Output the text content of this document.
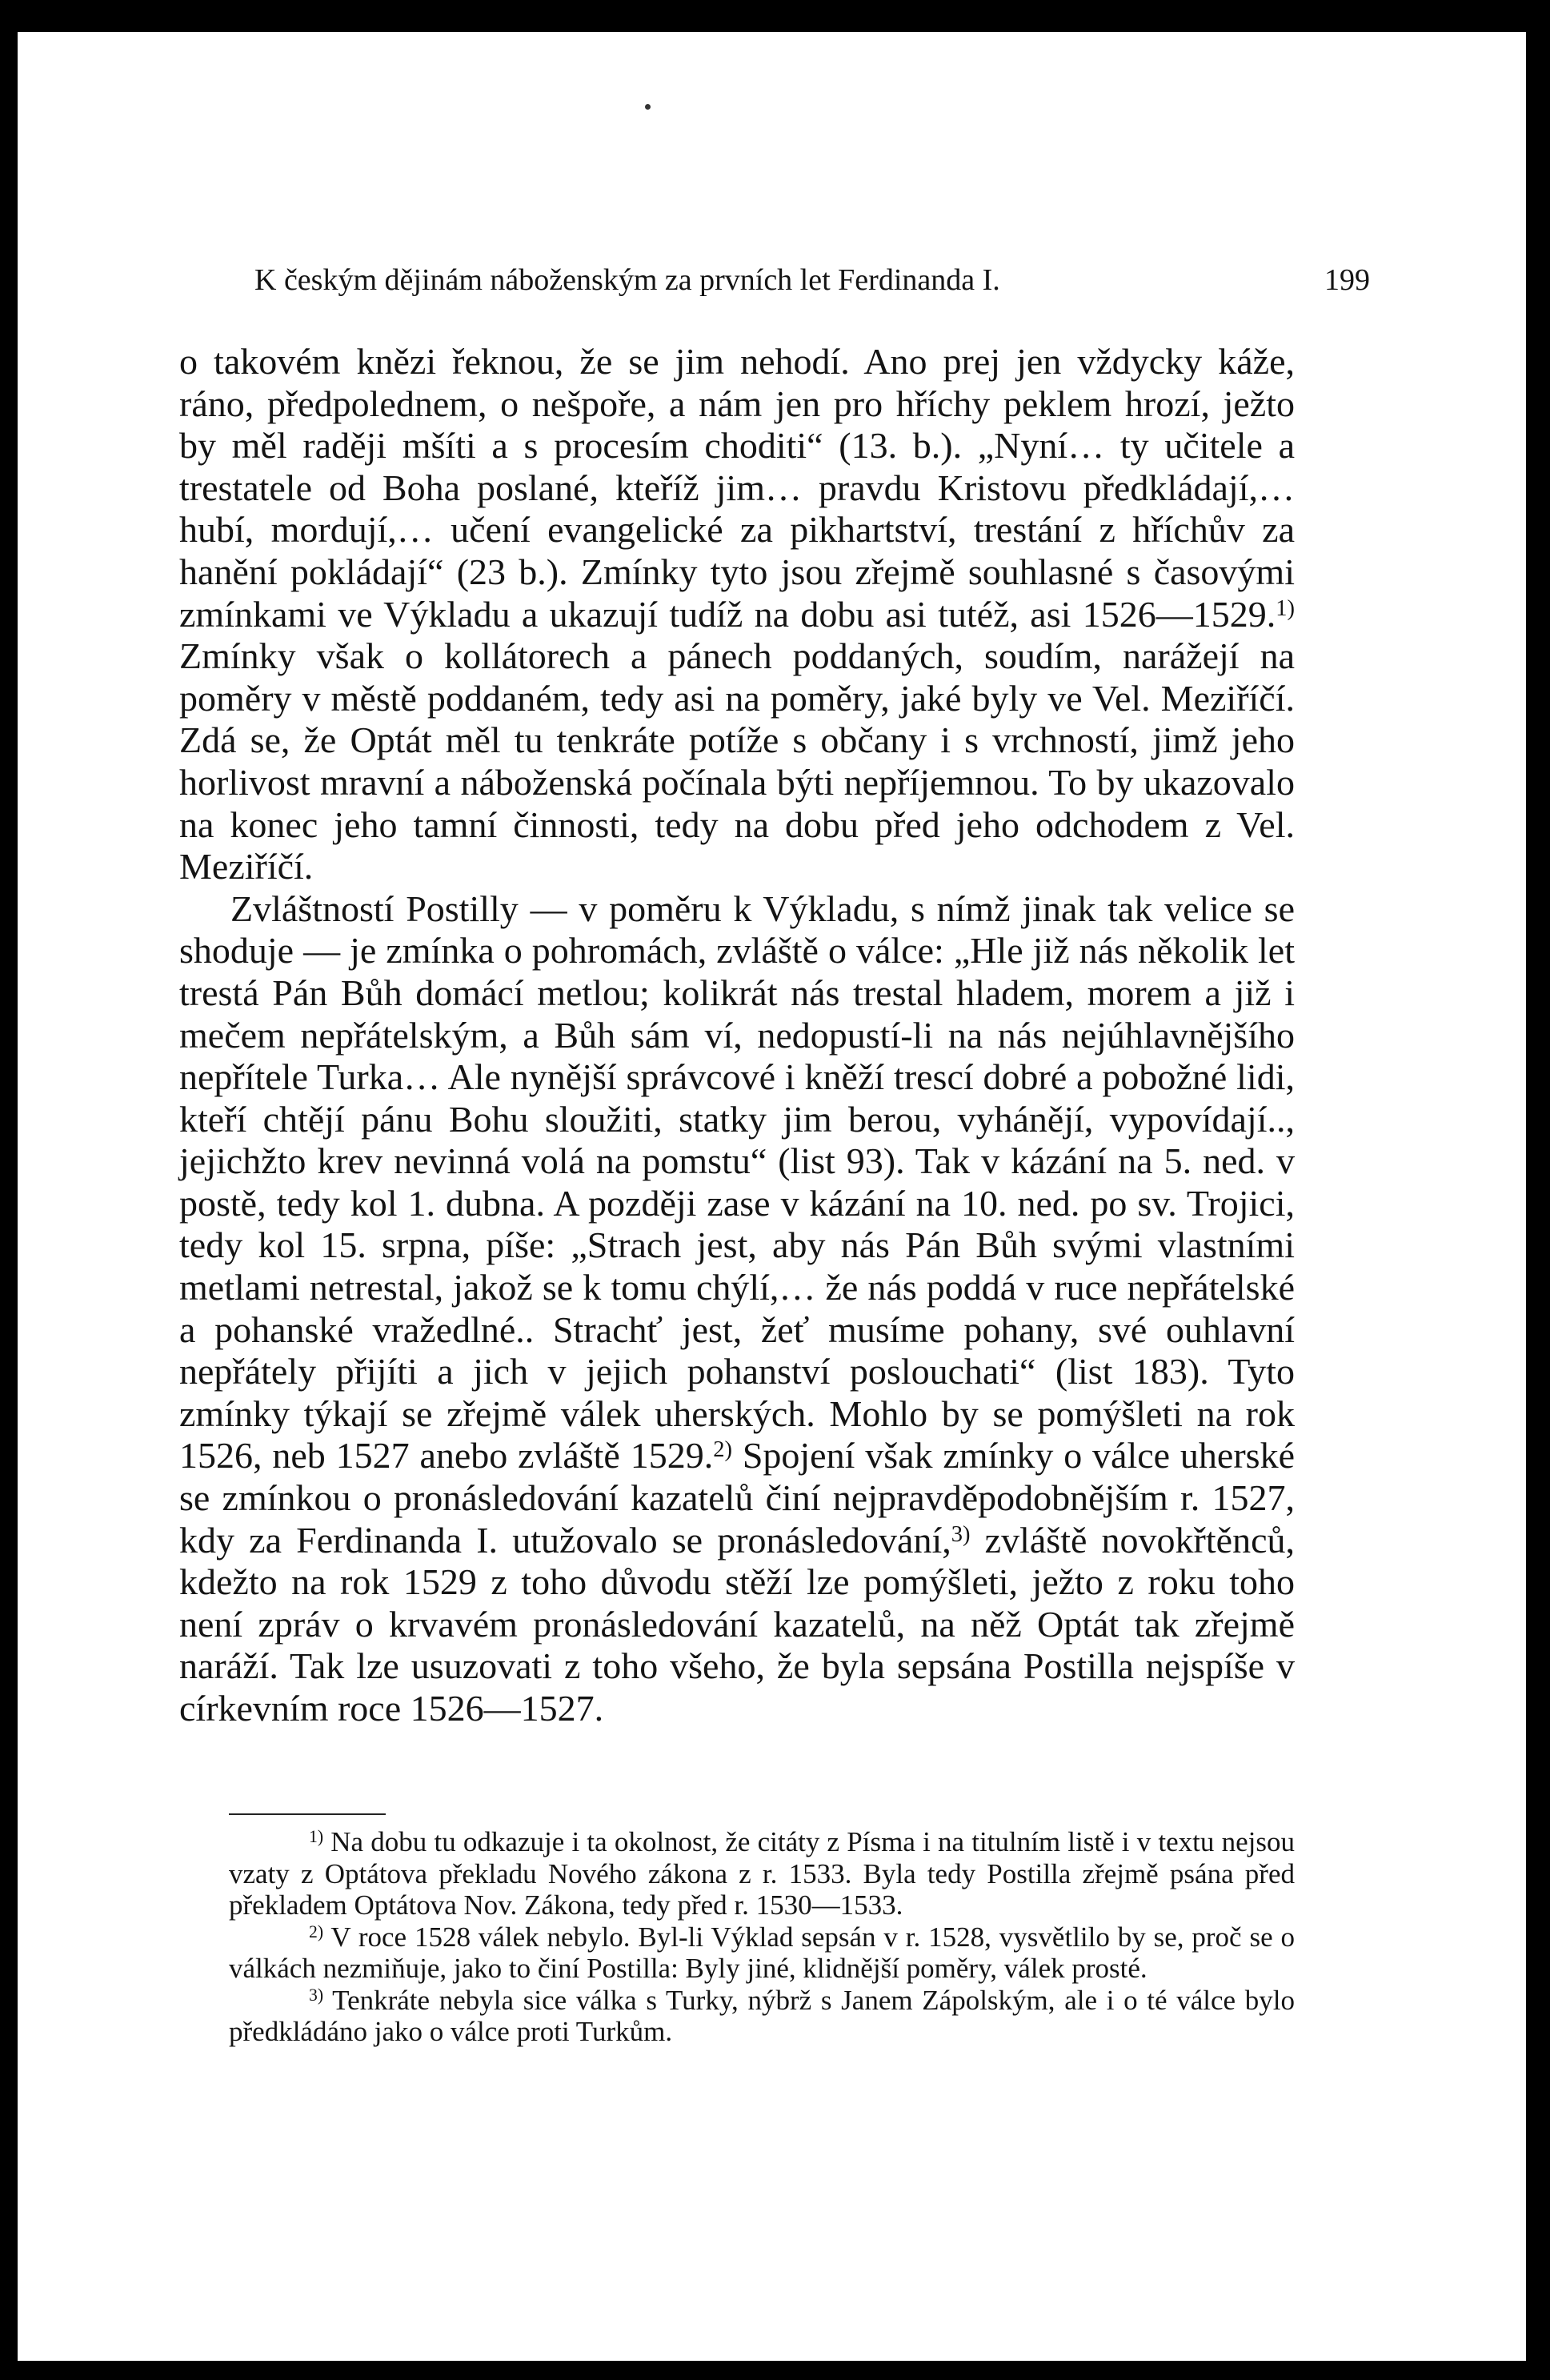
K českým dějinám náboženským za prvních let Ferdinanda I.	199

o takovém knězi řeknou, že se jim nehodí. Ano prej jen vždycky káže, ráno, předpolednem, o nešpoře, a nám jen pro hříchy peklem hrozí, ježto by měl raději mšíti a s procesím choditi“ (13. b.). „Nyní… ty učitele a trestatele od Boha poslané, kteříž jim… pravdu Kristovu předkládají,… hubí, mordují,… učení evangelické za pikhartství, trestání z hříchův za hanění pokládají“ (23 b.). Zmínky tyto jsou zřejmě souhlasné s časovými zmínkami ve Výkladu a ukazují tudíž na dobu asi tutéž, asi 1526—1529.$^{1)}$ Zmínky však o kollátorech a pánech poddaných, soudím, narážejí na poměry v městě poddaném, tedy asi na poměry, jaké byly ve Vel. Meziříčí. Zdá se, že Optát měl tu tenkráte potíže s občany i s vrchností, jimž jeho horlivost mravní a náboženská počínala býti nepříjemnou. To by ukazovalo na konec jeho tamní činnosti, tedy na dobu před jeho odchodem z Vel. Meziříčí.

Zvláštností Postilly — v poměru k Výkladu, s nímž jinak tak velice se shoduje — je zmínka o pohromách, zvláště o válce: „Hle již nás několik let trestá Pán Bůh domácí metlou; kolikrát nás trestal hladem, morem a již i mečem nepřátelským, a Bůh sám ví, nedopustí-li na nás nejúhlavnějšího nepřítele Turka… Ale nynější správcové i kněží trescí dobré a pobožné lidi, kteří chtějí pánu Bohu sloužiti, statky jim berou, vyhánějí, vypovídají.., jejichžto krev nevinná volá na pomstu“ (list 93). Tak v kázání na 5. ned. v postě, tedy kol 1. dubna. A později zase v kázání na 10. ned. po sv. Trojici, tedy kol 15. srpna, píše: „Strach jest, aby nás Pán Bůh svými vlastními metlami netrestal, jakož se k tomu chýlí,… že nás poddá v ruce nepřátelské a pohanské vražedlné.. Strachť jest, žeť musíme pohany, své ouhlavní nepřátely přijíti a jich v jejich pohanství poslouchati“ (list 183). Tyto zmínky týkají se zřejmě válek uherských. Mohlo by se pomýšleti na rok 1526, neb 1527 anebo zvláště 1529.$^{2)}$ Spojení však zmínky o válce uherské se zmínkou o pronásledování kazatelů činí nejpravděpodobnějším r. 1527, kdy za Ferdinanda I. utužovalo se pronásledování,$^{3)}$ zvláště novokřtěnců, kdežto na rok 1529 z toho důvodu stěží lze pomýšleti, ježto z roku toho není zpráv o krvavém pronásledování kazatelů, na něž Optát tak zřejmě naráží. Tak lze usuzovati z toho všeho, že byla sepsána Postilla nejspíše v církevním roce 1526—1527.

$^{1)}$ Na dobu tu odkazuje i ta okolnost, že citáty z Písma i na titulním listě i v textu nejsou vzaty z Optátova překladu Nového zákona z r. 1533. Byla tedy Postilla zřejmě psána před překladem Optátova Nov. Zákona, tedy před r. 1530—1533.

$^{2)}$ V roce 1528 válek nebylo. Byl-li Výklad sepsán v r. 1528, vysvětlilo by se, proč se o válkách nezmiňuje, jako to činí Postilla: Byly jiné, klidnější poměry, válek prosté.

$^{3)}$ Tenkráte nebyla sice válka s Turky, nýbrž s Janem Zápolským, ale i o té válce bylo předkládáno jako o válce proti Turkům.
